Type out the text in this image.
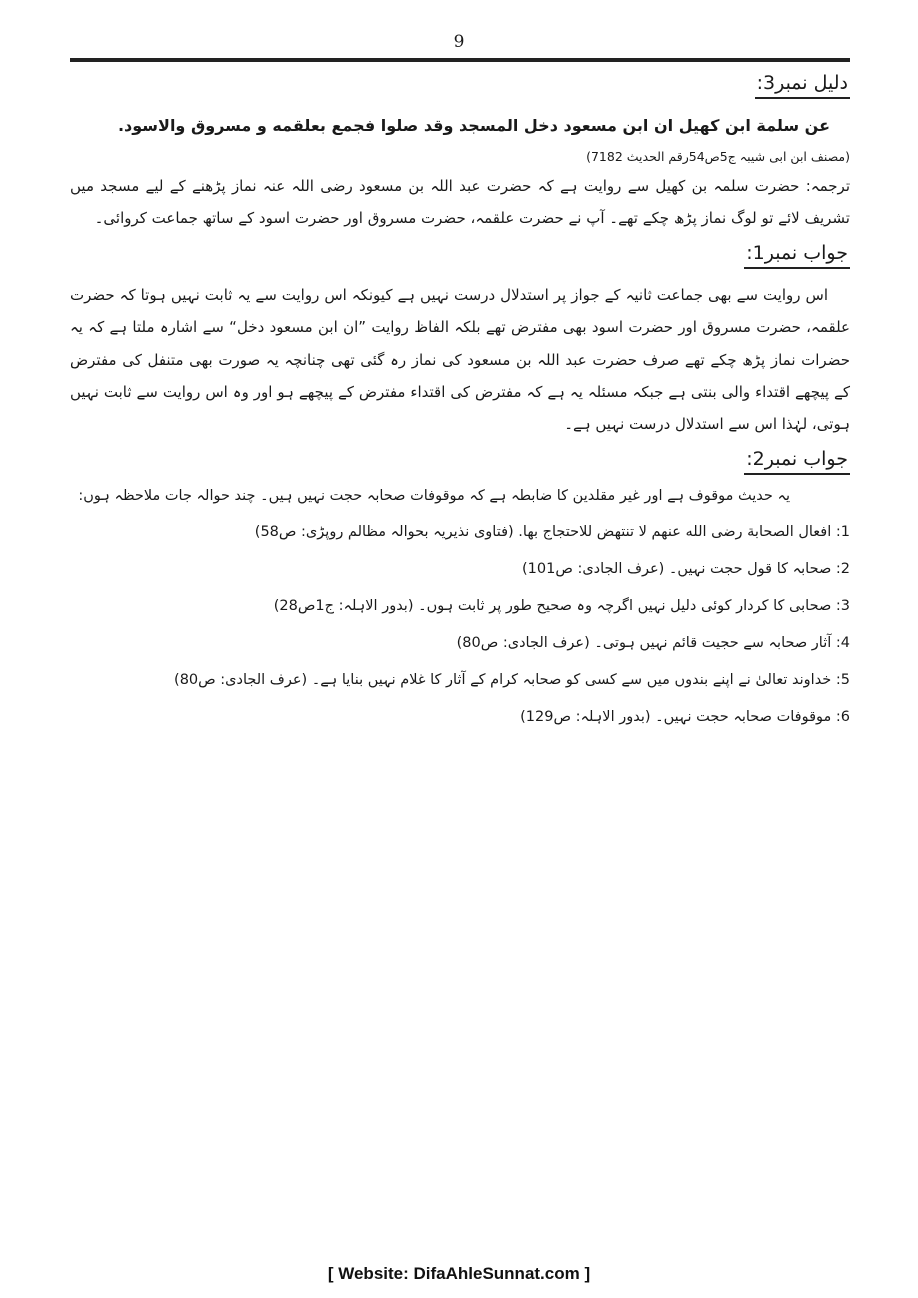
9
دلیل نمبر3:
عن سلمة ابن کھیل ان ابن مسعود دخل المسجد وقد صلوا فجمع بعلقمه و مسروق والاسود.
(مصنف ابن ابی شیبہ ج5ص54رقم الحدیث 7182)

ترجمہ: حضرت سلمہ بن کھیل سے روایت ہے کہ حضرت عبد اللہ بن مسعود رضی اللہ عنہ نماز پڑھنے کے لیے مسجد میں تشریف لائے تو لوگ نماز پڑھ چکے تھے۔ آپ نے حضرت علقمہ، حضرت مسروق اور حضرت اسود کے ساتھ جماعت کروائی۔

جواب نمبر1:

اس روایت سے بھی جماعت ثانیہ کے جواز پر استدلال درست نہیں ہے کیونکہ اس روایت سے یہ ثابت نہیں ہوتا کہ حضرت علقمہ، حضرت مسروق اور حضرت اسود بھی مفترض تھے بلکہ الفاظ روایت ”ان ابن مسعود دخل“ سے اشارہ ملتا ہے کہ یہ حضرات نماز پڑھ چکے تھے صرف حضرت عبد اللہ بن مسعود کی نماز رہ گئی تھی چنانچہ یہ صورت بھی متنفل کی مفترض کے پیچھے اقتداء والی بنتی ہے جبکہ مسئلہ یہ ہے کہ مفترض کی اقتداء مفترض کے پیچھے ہو اور وہ اس روایت سے ثابت نہیں ہوتی، لہٰذا اس سے استدلال درست نہیں ہے۔

جواب نمبر2:
یہ حدیث موقوف ہے اور غیر مقلدین کا ضابطہ ہے کہ موقوفات صحابہ حجت نہیں ہیں۔ چند حوالہ جات ملاحظہ ہوں:
1: افعال الصحابة رضی الله عنهم لا تنتهض للاحتجاج بها. (فتاوی نذیریہ بحوالہ مظالم روپڑی: ص58)
2: صحابہ کا قول حجت نہیں۔ (عرف الجادی: ص101)
3: صحابی کا کردار کوئی دلیل نہیں اگرچہ وہ صحیح طور پر ثابت ہوں۔ (بدور الاہلہ: ج1ص28)
4: آثار صحابہ سے حجیت قائم نہیں ہوتی۔ (عرف الجادی: ص80)
5: خداوند تعالیٰ نے اپنے بندوں میں سے کسی کو صحابہ کرام کے آثار کا غلام نہیں بنایا ہے۔ (عرف الجادی: ص80)
6: موقوفات صحابہ حجت نہیں۔ (بدور الاہلہ: ص129)
[ Website: DifaAhleSunnat.com ]
